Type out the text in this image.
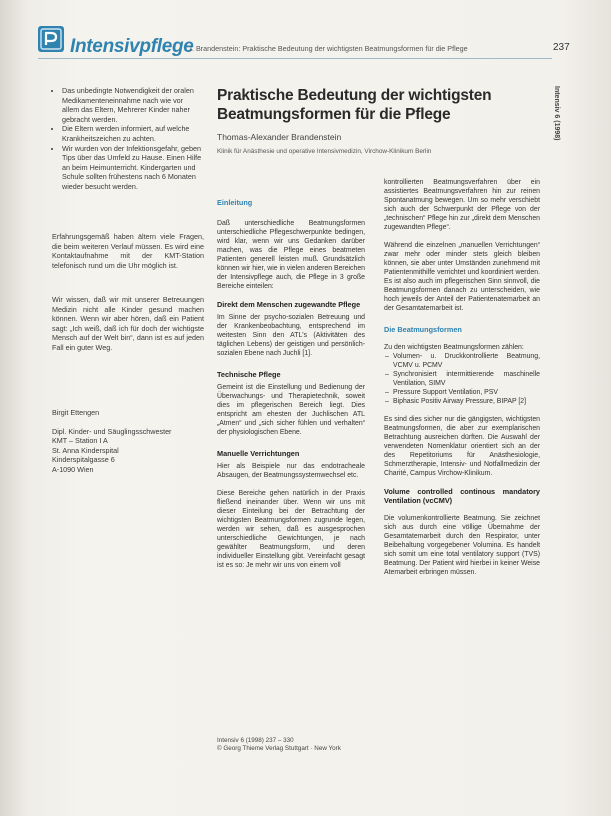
Intensivpflege
I. Brandenstein: Praktische Bedeutung der wichtigsten Beatmungsformen für die Pflege	237
Intensiv 6 (1998)
• Das unbedingte Notwendigkeit der oralen Medikamenteneinnahme nach wie vor allem das Eltern, Mehrerer Kinder naher gebracht werden.
• Die Eltern werden informiert, auf welche Krankheitszeichen zu achten.
• Wir wurden von der Infektionsgefahr, geben Tips über das Umfeld zu Hause. Einen Hilfe an beim Heimunterricht. Kindergarten und Schule sollten frühestens nach 6 Monaten wieder besucht werden.
Erfahrungsgemäß haben ältern viele Fragen, die beim weiteren Verlauf müssen. Es wird eine Kontaktaufnahme mit der KMT-Station telefonisch rund um die Uhr möglich ist.
Wir wissen, daß wir mit unserer Betreuungen Medizin nicht alle Kinder gesund machen können. Wenn wir aber hören, daß ein Patient sagt: „Ich weiß, daß ich für doch der wichtigste Mensch auf der Welt bin“, dann ist es auf jeden Fall ein guter Weg.
Birgit Ettengen
Dipl. Kinder- und Säuglingsschwester
KMT – Station I A
St. Anna Kinderspital
Kinderspitalgasse 6
A-1090 Wien
Praktische Bedeutung der wichtigsten Beatmungsformen für die Pflege
Thomas-Alexander Brandenstein
Klinik für Anästhesie und operative Intensivmedizin, Virchow-Klinikum Berlin
Einleitung

Daß unterschiedliche Beatmungsformen unterschiedliche Pflegeschwerpunkte bedingen, wird klar, wenn wir uns Gedanken darüber machen, was die Pflege eines beatmeten Patienten generell leisten muß. Grundsätzlich können wir hier, wie in vielen anderen Bereichen der Intensivpflege auch, die Pflege in 3 große Bereiche einteilen:

Direkt dem Menschen zugewandte Pflege

Im Sinne der psycho-sozialen Betreuung und der Krankenbeobachtung, entsprechend im weitesten Sinn den ATL's (Aktivitäten des täglichen Lebens) der geistigen und persönlich-sozialen Ebene nach Juchli [1].

Technische Pflege

Gemeint ist die Einstellung und Bedienung der Überwachungs- und Therapietechnik, soweit dies im pflegerischen Bereich liegt. Dies entspricht am ehesten der Juchlischen ATL „Atmen“ und „sich sicher fühlen und verhalten“ der physiologischen Ebene.

Manuelle Verrichtungen

Hier als Beispiele nur das endotracheale Absaugen, der Beatmungssystemwechsel etc.

Diese Bereiche gehen natürlich in der Praxis fließend ineinander über. Wenn wir uns mit dieser Einteilung bei der Betrachtung der wichtigsten Beatmungsformen zugrunde legen, werden wir sehen, daß es ausgesprochen unterschiedliche Gewichtungen, je nach gewählter Beatmungsform, und deren individueller Einstellung gibt. Vereinfacht gesagt ist es so: Je mehr wir uns von einem voll

kontrollierten Beatmungsverfahren über ein assistiertes Beatmungsverfahren hin zur reinen Spontanatmung bewegen. Um so mehr verschiebt sich auch der Schwerpunkt der Pflege von der „technischen“ Pflege hin zur „direkt dem Menschen zugewandten Pflege“.

Während die einzelnen „manuellen Verrichtungen“ zwar mehr oder minder stets gleich bleiben können, sie aber unter Umständen zunehmend mit Patientenmithilfe verrichtet und koordiniert werden. Es ist also auch im pflegerischen Sinn sinnvoll, die Beatmungsformen danach zu unterscheiden, wie hoch jeweils der Anteil der Patientenatemarbeit an der Gesamtatemarbeit ist.

Die Beatmungsformen

Zu den wichtigsten Beatmungsformen zählen:

– Volumen- u. Druckkontrollierte Beatmung, VCMV u. PCMV
– Synchronisiert intermittierende maschinelle Ventilation, SIMV
– Pressure Support Ventilation, PSV
– Biphasic Positiv Airway Pressure, BIPAP [2]

Es sind dies sicher nur die gängigsten, wichtigsten Beatmungsformen, die aber zur exemplarischen Betrachtung ausreichen dürften. Die Auswahl der verwendeten Nomenklatur orientiert sich an der des Repetitoriums für Anästhesiologie, Schmerztherapie, Intensiv- und Notfallmedizin der Charité, Campus Virchow-Klinikum.

Volume controlled continous mandatory Ventilation (vcCMV)

Die volumenkontrollierte Beatmung. Sie zeichnet sich aus durch eine völlige Übernahme der Gesamtatemarbeit durch den Respirator, unter Beibehaltung vorgegebener Volumina. Es handelt sich somit um eine total ventilatory support (TVS) Beatmung. Der Patient wird hierbei in keiner Weise Atemarbeit erbringen müssen.

Intensiv 6 (1998) 237 – 330
© Georg Thieme Verlag Stuttgart · New York
